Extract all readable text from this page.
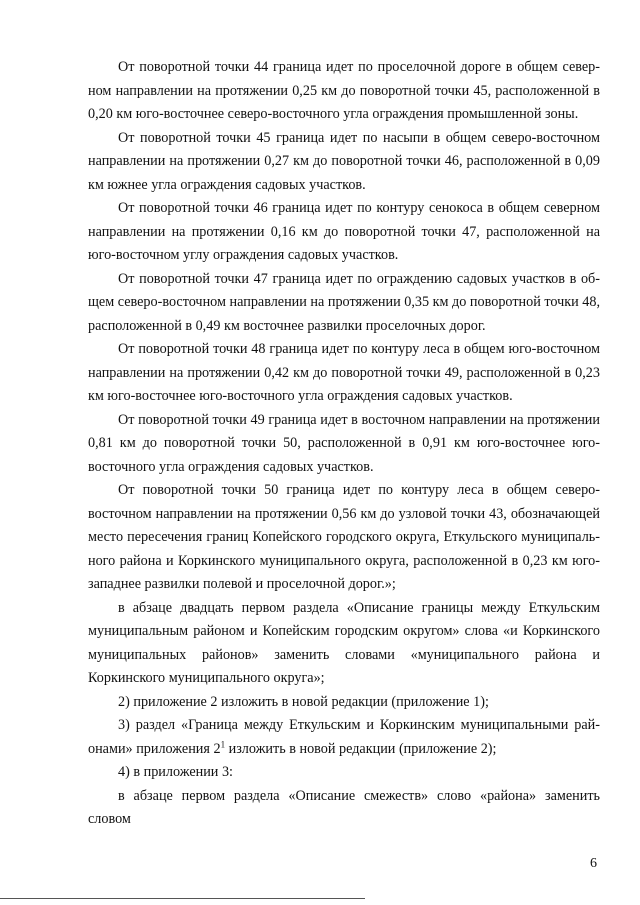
От поворотной точки 44 граница идет по проселочной дороге в общем северном направлении на протяжении 0,25 км до поворотной точки 45, расположенной в 0,20 км юго-восточнее северо-восточного угла ограждения промышленной зоны.

От поворотной точки 45 граница идет по насыпи в общем северо-восточном направлении на протяжении 0,27 км до поворотной точки 46, расположенной в 0,09 км южнее угла ограждения садовых участков.

От поворотной точки 46 граница идет по контуру сенокоса в общем северном направлении на протяжении 0,16 км до поворотной точки 47, расположенной на юго-восточном углу ограждения садовых участков.

От поворотной точки 47 граница идет по ограждению садовых участков в общем северо-восточном направлении на протяжении 0,35 км до поворотной точки 48, расположенной в 0,49 км восточнее развилки проселочных дорог.

От поворотной точки 48 граница идет по контуру леса в общем юго-восточном направлении на протяжении 0,42 км до поворотной точки 49, расположенной в 0,23 км юго-восточнее юго-восточного угла ограждения садовых участков.

От поворотной точки 49 граница идет в восточном направлении на протяжении 0,81 км до поворотной точки 50, расположенной в 0,91 км юго-восточнее юго-восточного угла ограждения садовых участков.

От поворотной точки 50 граница идет по контуру леса в общем северо-восточном направлении на протяжении 0,56 км до узловой точки 43, обозначающей место пересечения границ Копейского городского округа, Еткульского муниципального района и Коркинского муниципального округа, расположенной в 0,23 км юго-западнее развилки полевой и проселочной дорог.»;

в абзаце двадцать первом раздела «Описание границы между Еткульским муниципальным районом и Копейским городским округом» слова «и Коркинского муниципальных районов» заменить словами «муниципального района и Коркинского муниципального округа»;

2) приложение 2 изложить в новой редакции (приложение 1);

3) раздел «Граница между Еткульским и Коркинским муниципальными районами» приложения $2^1$ изложить в новой редакции (приложение 2);

4) в приложении 3:

в абзаце первом раздела «Описание смежеств» слово «района» заменить словом

6
